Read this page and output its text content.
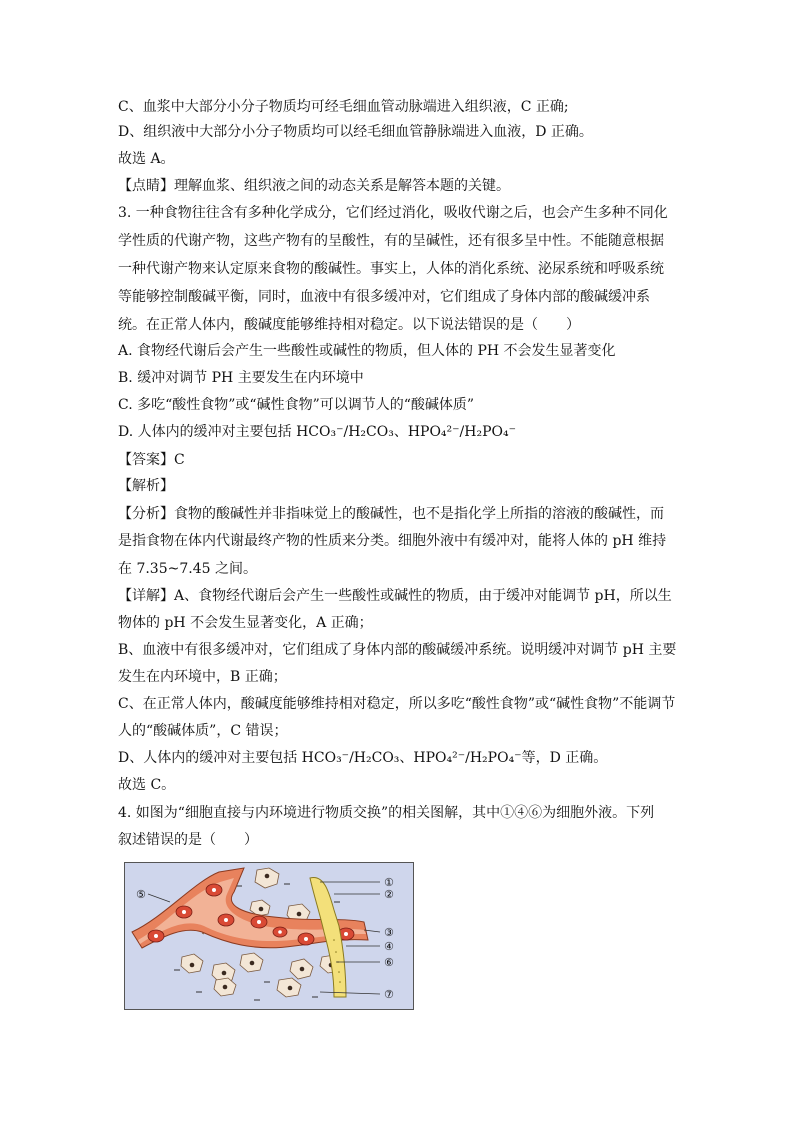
C、血浆中大部分小分子物质均可经毛细血管动脉端进入组织液，C 正确;
D、组织液中大部分小分子物质均可以经毛细血管静脉端进入血液，D 正确。
故选 A。
【点睛】理解血浆、组织液之间的动态关系是解答本题的关键。
3. 一种食物往往含有多种化学成分，它们经过消化，吸收代谢之后，也会产生多种不同化
学性质的代谢产物，这些产物有的呈酸性，有的呈碱性，还有很多呈中性。不能随意根据
一种代谢产物来认定原来食物的酸碱性。事实上，人体的消化系统、泌尿系统和呼吸系统
等能够控制酸碱平衡，同时，血液中有很多缓冲对，它们组成了身体内部的酸碱缓冲系
统。在正常人体内，酸碱度能够维持相对稳定。以下说法错误的是（　　）
A. 食物经代谢后会产生一些酸性或碱性的物质，但人体的 PH 不会发生显著变化
B. 缓冲对调节 PH 主要发生在内环境中
C. 多吃“酸性食物”或“碱性食物”可以调节人的“酸碱体质”
D. 人体内的缓冲对主要包括 HCO₃⁻/H₂CO₃、HPO₄²⁻/H₂PO₄⁻
【答案】C
【解析】
【分析】食物的酸碱性并非指味觉上的酸碱性，也不是指化学上所指的溶液的酸碱性，而
是指食物在体内代谢最终产物的性质来分类。细胞外液中有缓冲对，能将人体的 pH 维持
在 7.35~7.45 之间。
【详解】A、食物经代谢后会产生一些酸性或碱性的物质，由于缓冲对能调节 pH，所以生
物体的 pH 不会发生显著变化，A 正确；
B、血液中有很多缓冲对，它们组成了身体内部的酸碱缓冲系统。说明缓冲对调节 pH 主要
发生在内环境中，B 正确；
C、在正常人体内，酸碱度能够维持相对稳定，所以多吃“酸性食物”或“碱性食物”不能调节
人的“酸碱体质”，C 错误；
D、人体内的缓冲对主要包括 HCO₃⁻/H₂CO₃、HPO₄²⁻/H₂PO₄⁻等，D 正确。
故选 C。
4. 如图为“细胞直接与内环境进行物质交换”的相关图解，其中①④⑥为细胞外液。下列
叙述错误的是（　　）
⑤
①
②
③
④
⑥
⑦
